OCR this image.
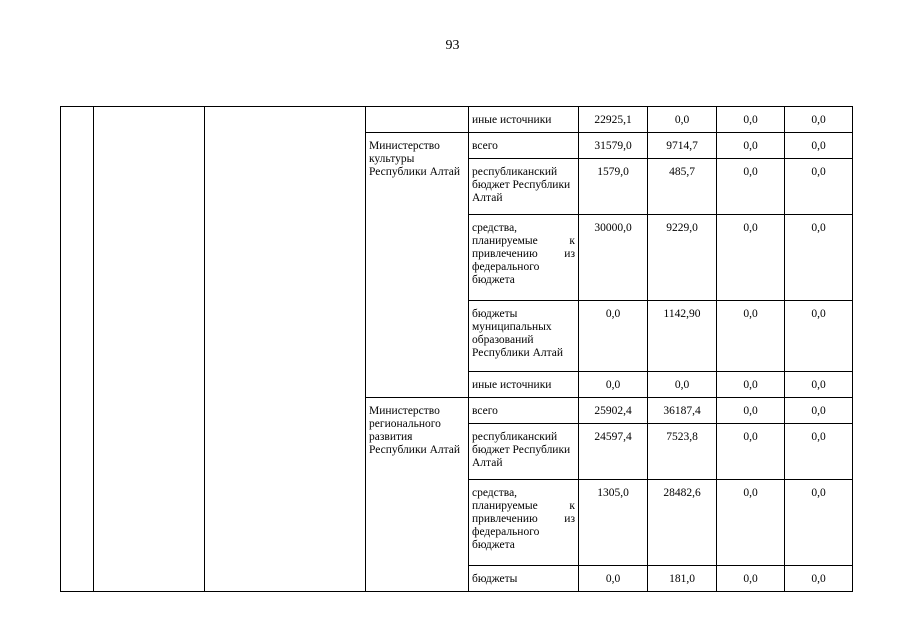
93
				иные источники	22925,1	0,0	0,0	0,0
			Министерство культуры Республики Алтай	всего	31579,0	9714,7	0,0	0,0
				республиканский бюджет Республики Алтай	1579,0	485,7	0,0	0,0
				средства, планируемые к привлечению из федерального бюджета	30000,0	9229,0	0,0	0,0
				бюджеты муниципальных образований Республики Алтай	0,0	1142,90	0,0	0,0
				иные источники	0,0	0,0	0,0	0,0
			Министерство регионального развития Республики Алтай	всего	25902,4	36187,4	0,0	0,0
				республиканский бюджет Республики Алтай	24597,4	7523,8	0,0	0,0
				средства, планируемые к привлечению из федерального бюджета	1305,0	28482,6	0,0	0,0
				бюджеты	0,0	181,0	0,0	0,0
